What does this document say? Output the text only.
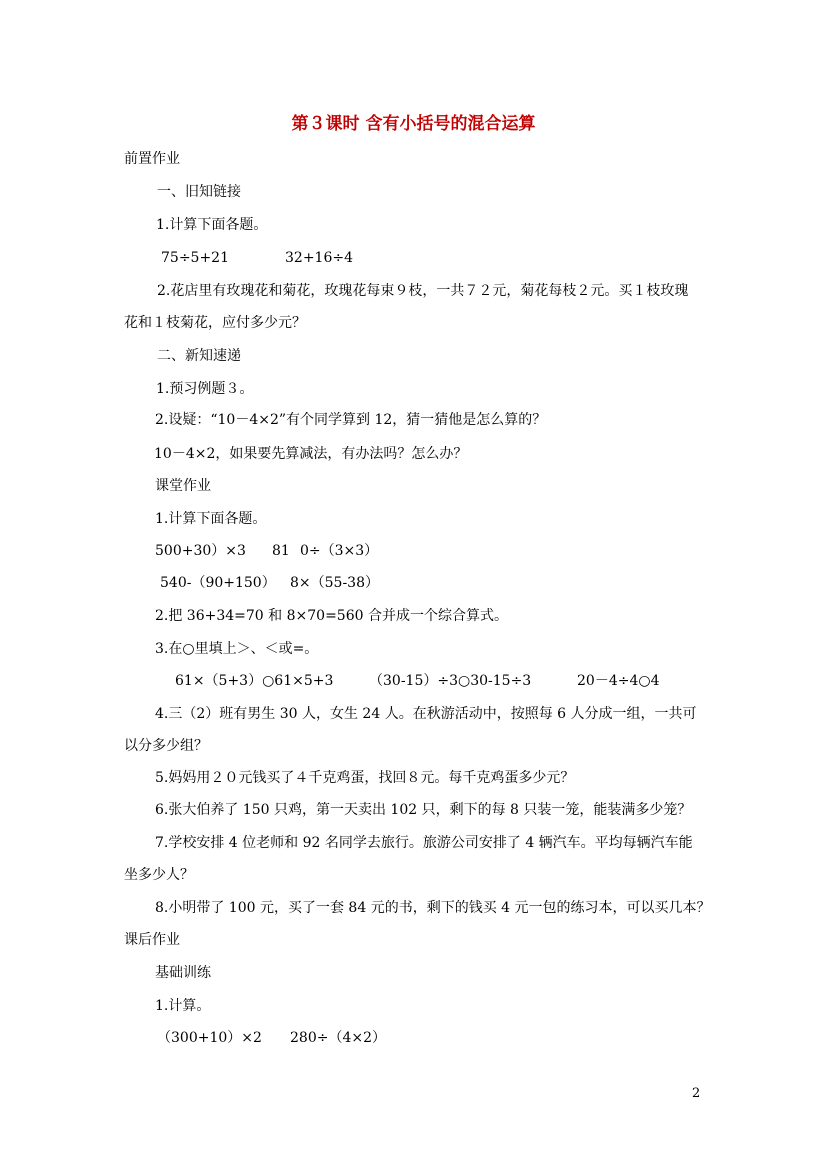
第３课时 含有小括号的混合运算
前置作业
一、旧知链接
1.计算下面各题。
75÷5+21	32+16÷4
2.花店里有玫瑰花和菊花，玫瑰花每束９枝，一共７２元，菊花每枝２元。买１枝玫瑰
花和１枝菊花，应付多少元？
二、新知速递
1.预习例题３。
2.设疑：“10－4×2”有个同学算到 12，猜一猜他是怎么算的？
10－4×2，如果要先算减法，有办法吗？怎么办？
课堂作业
1.计算下面各题。
500+30）×3 81 0÷（3×3）
540-（90+150） 8×（55-38）
2.把 36+34=70 和 8×70=560 合并成一个综合算式。
3.在○里填上＞、＜或=。
61×（5+3）○61×5+3	（30-15）÷3○30-15÷3	20－4÷4○4
4.三（2）班有男生 30 人，女生 24 人。在秋游活动中，按照每 6 人分成一组，一共可
以分多少组？
5.妈妈用２０元钱买了４千克鸡蛋，找回８元。每千克鸡蛋多少元？
6.张大伯养了 150 只鸡，第一天卖出 102 只，剩下的每 8 只装一笼，能装满多少笼？
7.学校安排 4 位老师和 92 名同学去旅行。旅游公司安排了 4 辆汽车。平均每辆汽车能
坐多少人？
8.小明带了 100 元，买了一套 84 元的书，剩下的钱买 4 元一包的练习本，可以买几本？
课后作业
基础训练
1.计算。
（300+10）×2 280÷（4×2）
2
